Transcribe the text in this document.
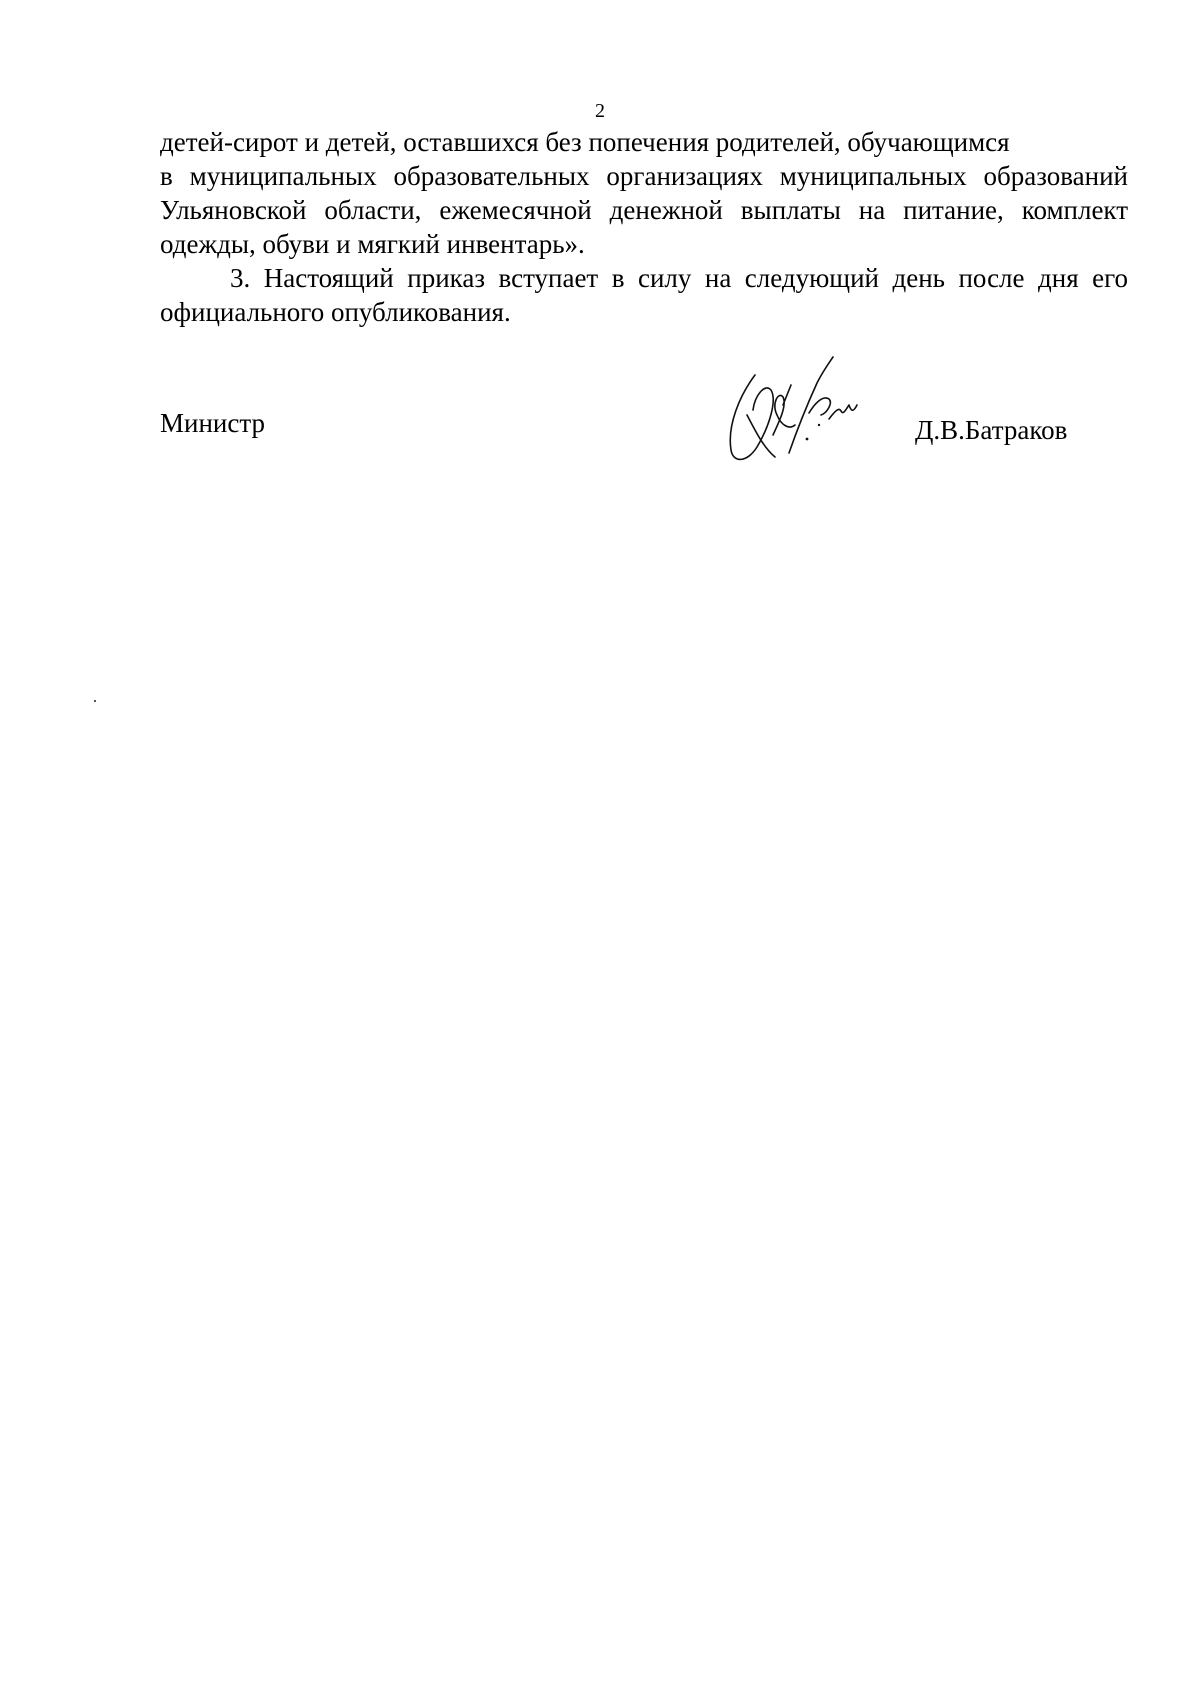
2
детей-сирот и детей, оставшихся без попечения родителей, обучающимся
в муниципальных образовательных организациях муниципальных образований
Ульяновской области, ежемесячной денежной выплаты на питание, комплект
одежды, обуви и мягкий инвентарь».
3. Настоящий приказ вступает в силу на следующий день после дня его
официального опубликования.
Министр	Д.В.Батраков
